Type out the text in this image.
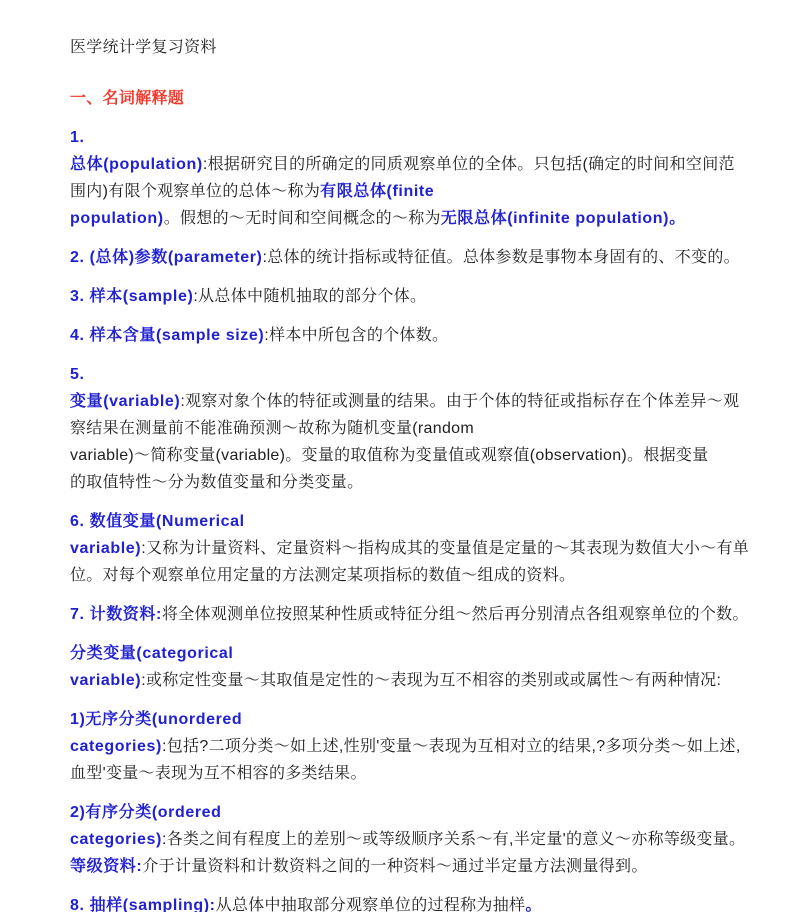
医学统计学复习资料
一、名词解释题
1.
总体(population):根据研究目的所确定的同质观察单位的全体。只包括(确定的时间和空间范
围内)有限个观察单位的总体～称为有限总体(finite
population)。假想的～无时间和空间概念的～称为无限总体(infinite population)。
2. (总体)参数(parameter):总体的统计指标或特征值。总体参数是事物本身固有的、不变的。
3. 样本(sample):从总体中随机抽取的部分个体。
4. 样本含量(sample size):样本中所包含的个体数。
5.
变量(variable):观察对象个体的特征或测量的结果。由于个体的特征或指标存在个体差异～观
察结果在测量前不能准确预测～故称为随机变量(random
variable)～简称变量(variable)。变量的取值称为变量值或观察值(observation)。根据变量
的取值特性～分为数值变量和分类变量。
6. 数值变量(Numerical
variable):又称为计量资料、定量资料～指构成其的变量值是定量的～其表现为数值大小～有单
位。对每个观察单位用定量的方法测定某项指标的数值～组成的资料。
7. 计数资料:将全体观测单位按照某种性质或特征分组～然后再分别清点各组观察单位的个数。
分类变量(categorical
variable):或称定性变量～其取值是定性的～表现为互不相容的类别或或属性～有两种情况:
1)无序分类(unordered
categories):包括?二项分类～如上述,性别'变量～表现为互相对立的结果,?多项分类～如上述,
血型'变量～表现为互不相容的多类结果。
2)有序分类(ordered
categories):各类之间有程度上的差别～或等级顺序关系～有,半定量'的意义～亦称等级变量。
等级资料:介于计量资料和计数资料之间的一种资料～通过半定量方法测量得到。
8. 抽样(sampling):从总体中抽取部分观察单位的过程称为抽样。
